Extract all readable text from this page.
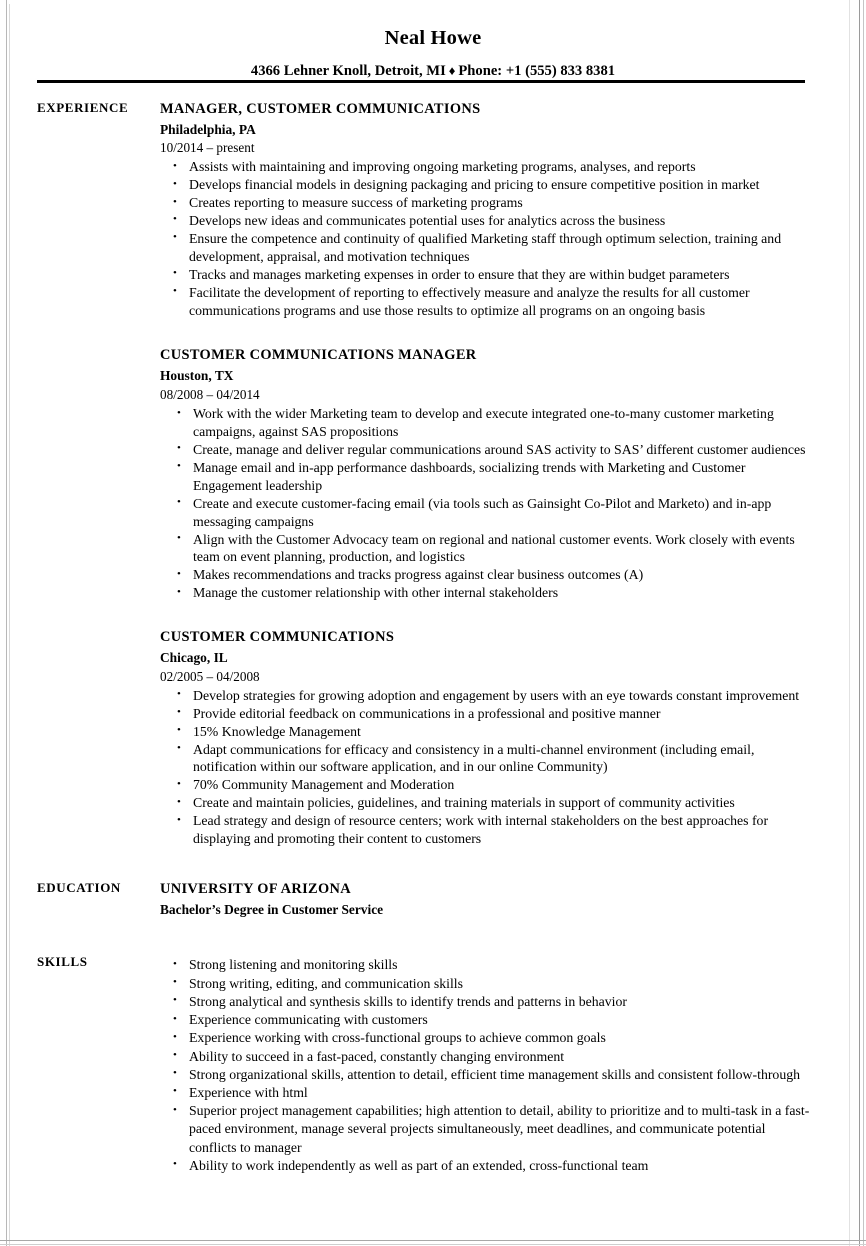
Neal Howe
4366 Lehner Knoll, Detroit, MI ♦ Phone: +1 (555) 833 8381
EXPERIENCE	MANAGER, CUSTOMER COMMUNICATIONS
Philadelphia, PA
10/2014 – present
• Assists with maintaining and improving ongoing marketing programs, analyses, and reports
• Develops financial models in designing packaging and pricing to ensure competitive position in market
• Creates reporting to measure success of marketing programs
• Develops new ideas and communicates potential uses for analytics across the business
• Ensure the competence and continuity of qualified Marketing staff through optimum selection, training and development, appraisal, and motivation techniques
• Tracks and manages marketing expenses in order to ensure that they are within budget parameters
• Facilitate the development of reporting to effectively measure and analyze the results for all customer communications programs and use those results to optimize all programs on an ongoing basis
CUSTOMER COMMUNICATIONS MANAGER
Houston, TX
08/2008 – 04/2014
• Work with the wider Marketing team to develop and execute integrated one-to-many customer marketing campaigns, against SAS propositions
• Create, manage and deliver regular communications around SAS activity to SAS’ different customer audiences
• Manage email and in-app performance dashboards, socializing trends with Marketing and Customer Engagement leadership
• Create and execute customer-facing email (via tools such as Gainsight Co-Pilot and Marketo) and in-app messaging campaigns
• Align with the Customer Advocacy team on regional and national customer events. Work closely with events team on event planning, production, and logistics
• Makes recommendations and tracks progress against clear business outcomes (A)
• Manage the customer relationship with other internal stakeholders
CUSTOMER COMMUNICATIONS
Chicago, IL
02/2005 – 04/2008
• Develop strategies for growing adoption and engagement by users with an eye towards constant improvement
• Provide editorial feedback on communications in a professional and positive manner
• 15% Knowledge Management
• Adapt communications for efficacy and consistency in a multi-channel environment (including email, notification within our software application, and in our online Community)
• 70% Community Management and Moderation
• Create and maintain policies, guidelines, and training materials in support of community activities
• Lead strategy and design of resource centers; work with internal stakeholders on the best approaches for displaying and promoting their content to customers
EDUCATION	UNIVERSITY OF ARIZONA
Bachelor’s Degree in Customer Service
SKILLS	• Strong listening and monitoring skills
• Strong writing, editing, and communication skills
• Strong analytical and synthesis skills to identify trends and patterns in behavior
• Experience communicating with customers
• Experience working with cross-functional groups to achieve common goals
• Ability to succeed in a fast-paced, constantly changing environment
• Strong organizational skills, attention to detail, efficient time management skills and consistent follow-through
• Experience with html
• Superior project management capabilities; high attention to detail, ability to prioritize and to multi-task in a fast-paced environment, manage several projects simultaneously, meet deadlines, and communicate potential conflicts to manager
• Ability to work independently as well as part of an extended, cross-functional team
